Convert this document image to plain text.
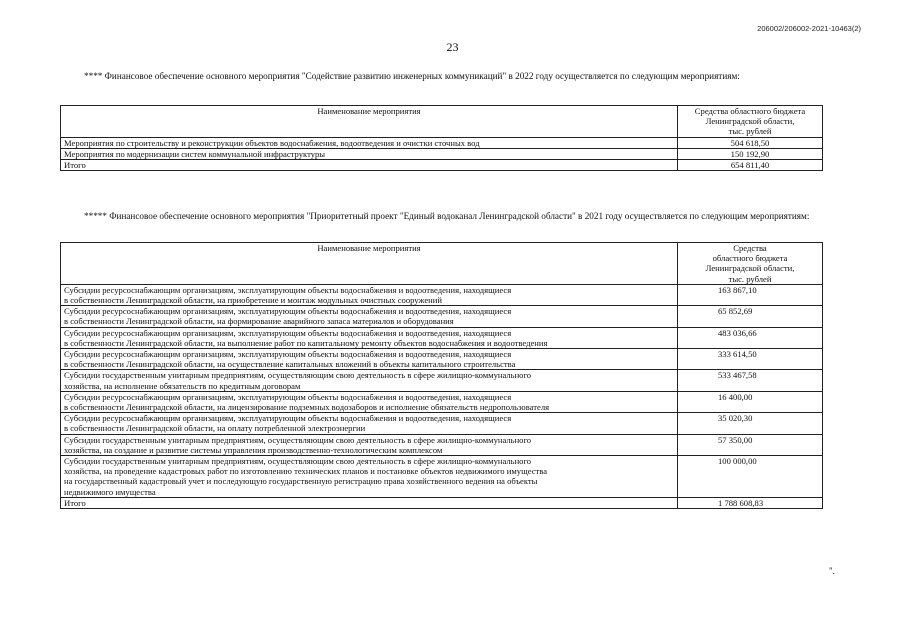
206002/206002-2021-10463(2)
23
**** Финансовое обеспечение основного мероприятия "Содействие развитию инженерных коммуникаций" в 2022 году осуществляется по следующим мероприятиям:
Наименование мероприятия	Средства областного бюджета
Ленинградской области,
тыс. рублей

Мероприятия по строительству и реконструкции объектов водоснабжения, водоотведения и очистки сточных вод	504 618,50
Мероприятия по модернизации систем коммунальной инфраструктуры	150 192,90
Итого	654 811,40
***** Финансовое обеспечение основного мероприятия "Приоритетный проект "Единый водоканал Ленинградской области" в 2021 году осуществляется по следующим мероприятиям:
Наименование мероприятия	Средства
областного бюджета
Ленинградской области,
тыс. рублей

Субсидии ресурсоснабжающим организациям, эксплуатирующим объекты водоснабжения и водоотведения, находящиеся
в собственности Ленинградской области, на приобретение и монтаж модульных очистных сооружений	163 867,10

Субсидии ресурсоснабжающим организациям, эксплуатирующим объекты водоснабжения и водоотведения, находящиеся
в собственности Ленинградской области, на формирование аварийного запаса материалов и оборудования	65 852,69

Субсидии ресурсоснабжающим организациям, эксплуатирующим объекты водоснабжения и водоотведения, находящиеся
в собственности Ленинградской области, на выполнение работ по капитальному ремонту объектов водоснабжения и водоотведения	483 036,66

Субсидии ресурсоснабжающим организациям, эксплуатирующим объекты водоснабжения и водоотведения, находящиеся
в собственности Ленинградской области, на осуществление капитальных вложений в объекты капитального строительства	333 614,50

Субсидии государственным унитарным предприятиям, осуществляющим свою деятельность в сфере жилищно-коммунального
хозяйства, на исполнение обязательств по кредитным договорам	533 467,58

Субсидии ресурсоснабжающим организациям, эксплуатирующим объекты водоснабжения и водоотведения, находящиеся
в собственности Ленинградской области, на лицензирование подземных водозаборов и исполнение обязательств недропользователя	16 400,00

Субсидии ресурсоснабжающим организациям, эксплуатирующим объекты водоснабжения и водоотведения, находящиеся
в собственности Ленинградской области, на оплату потребленной электроэнергии	35 020,30

Субсидии государственным унитарным предприятиям, осуществляющим свою деятельность в сфере жилищно-коммунального
хозяйства, на создание и развитие системы управления производственно-технологическим комплексом	57 350,00

Субсидии государственным унитарным предприятиям, осуществляющим свою деятельность в сфере жилищно-коммунального
хозяйства, на проведение кадастровых работ по изготовлению технических планов и постановке объектов недвижимого имущества
на государственный кадастровый учет и последующую государственную регистрацию права хозяйственного ведения на объекты
недвижимого имущества	100 000,00
Итого	1 788 608,83
".
